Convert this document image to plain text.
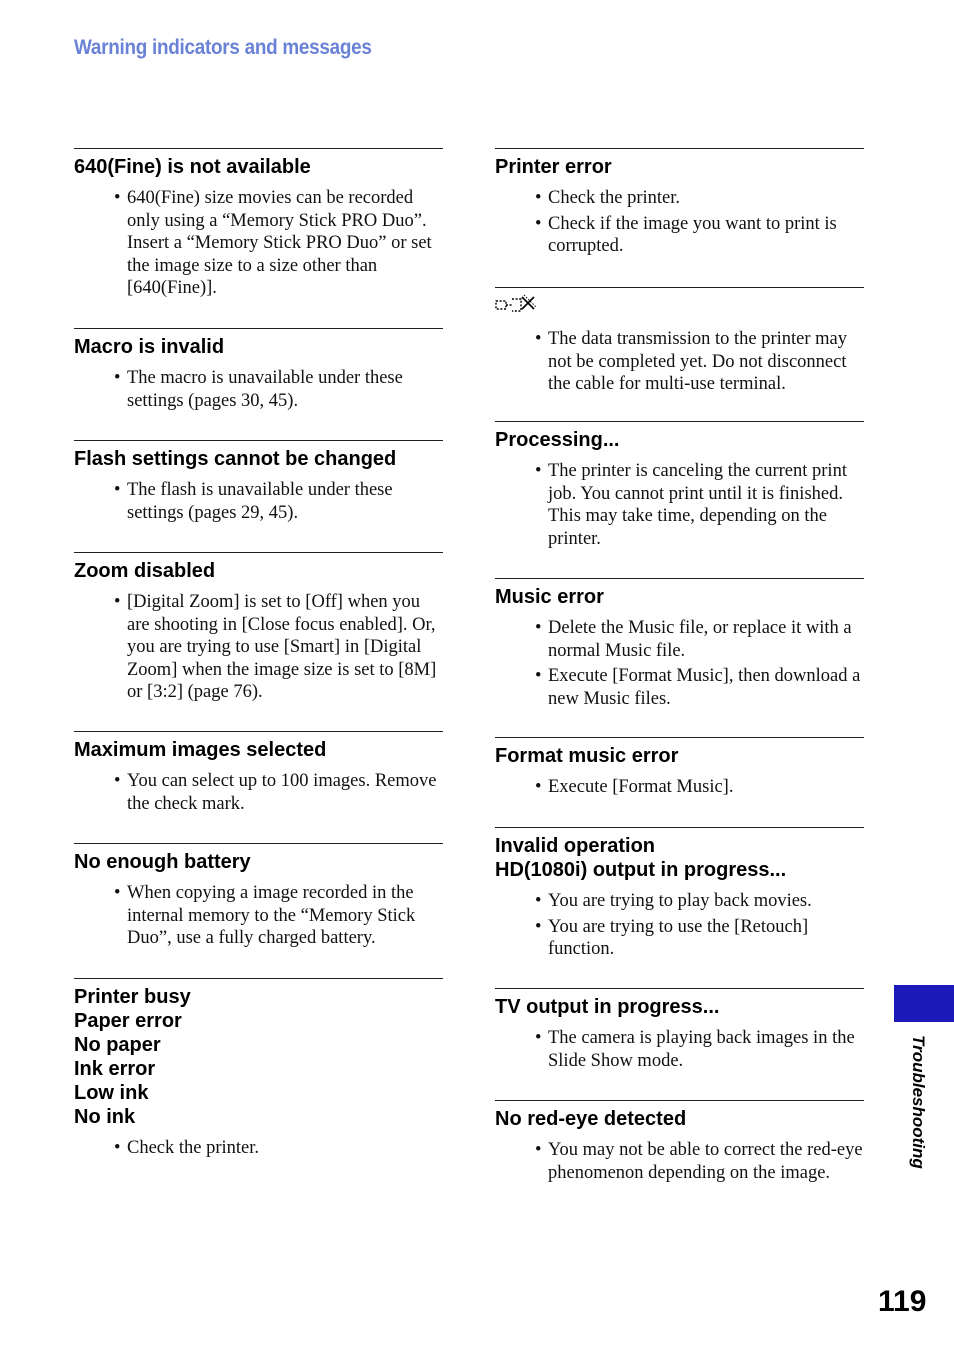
Warning indicators and messages
640(Fine) is not available
• 640(Fine) size movies can be recorded only using a “Memory Stick PRO Duo”. Insert a “Memory Stick PRO Duo” or set the image size to a size other than [640(Fine)].
Macro is invalid
• The macro is unavailable under these settings (pages 30, 45).
Flash settings cannot be changed
• The flash is unavailable under these settings (pages 29, 45).
Zoom disabled
• [Digital Zoom] is set to [Off] when you are shooting in [Close focus enabled]. Or, you are trying to use [Smart] in [Digital Zoom] when the image size is set to [8M] or [3:2] (page 76).
Maximum images selected
• You can select up to 100 images. Remove the check mark.
No enough battery
• When copying a image recorded in the internal memory to the “Memory Stick Duo”, use a fully charged battery.
Printer busy
Paper error
No paper
Ink error
Low ink
No ink
• Check the printer.
Printer error
• Check the printer.
• Check if the image you want to print is corrupted.
• The data transmission to the printer may not be completed yet. Do not disconnect the cable for multi-use terminal.
Processing...
• The printer is canceling the current print job. You cannot print until it is finished. This may take time, depending on the printer.
Music error
• Delete the Music file, or replace it with a normal Music file.
• Execute [Format Music], then download a new Music files.
Format music error
• Execute [Format Music].
Invalid operation
HD(1080i) output in progress...
• You are trying to play back movies.
• You are trying to use the [Retouch] function.
TV output in progress...
• The camera is playing back images in the Slide Show mode.
No red-eye detected
• You may not be able to correct the red-eye phenomenon depending on the image.
Troubleshooting
119
